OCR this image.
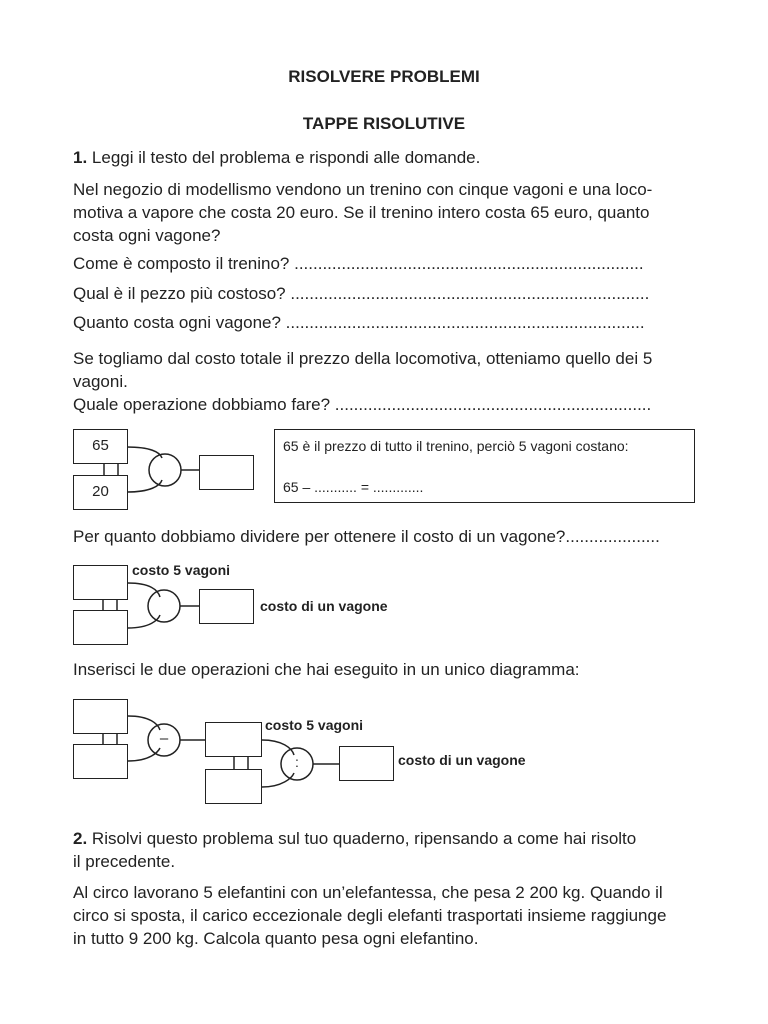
RISOLVERE PROBLEMI
TAPPE RISOLUTIVE

1. Leggi il testo del problema e rispondi alle domande.

Nel negozio di modellismo vendono un trenino con cinque vagoni e una loco-

motiva a vapore che costa 20 euro. Se il trenino intero costa 65 euro, quanto

costa ogni vagone?

Come è composto il trenino? ..........................................................................

Qual è il pezzo più costoso? ............................................................................

Quanto costa ogni vagone? ............................................................................

Se togliamo dal costo totale il prezzo della locomotiva, otteniamo quello dei 5

vagoni.

Quale operazione dobbiamo fare? ...................................................................

65
20

65 è il prezzo di tutto il trenino, perciò 5 vagoni costano:

65 – ........... = .............

Per quanto dobbiamo dividere per ottenere il costo di un vagone?....................

costo 5 vagoni
costo di un vagone

Inserisci le due operazioni che hai eseguito in un unico diagramma:

–
:
costo 5 vagoni
costo di un vagone

2. Risolvi questo problema sul tuo quaderno, ripensando a come hai risolto

il precedente.

Al circo lavorano 5 elefantini con un’elefantessa, che pesa 2 200 kg. Quando il

circo si sposta, il carico eccezionale degli elefanti trasportati insieme raggiunge

in tutto 9 200 kg. Calcola quanto pesa ogni elefantino.
